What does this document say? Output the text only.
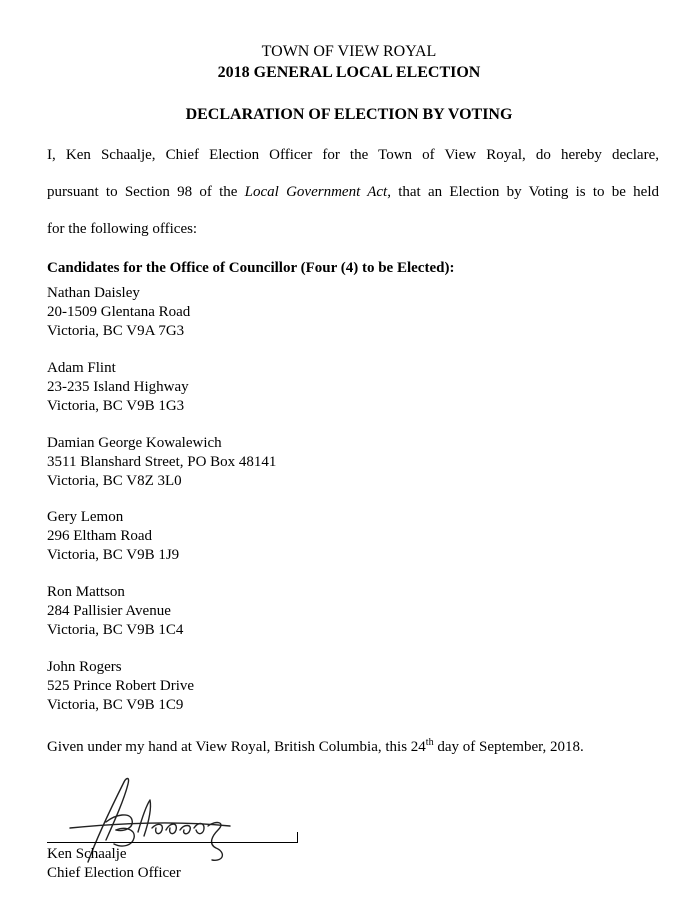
TOWN OF VIEW ROYAL
2018 GENERAL LOCAL ELECTION
DECLARATION OF ELECTION BY VOTING
I, Ken Schaalje, Chief Election Officer for the Town of View Royal, do hereby declare,
pursuant to Section 98 of the Local Government Act, that an Election by Voting is to be held
for the following offices:
Candidates for the Office of Councillor (Four (4) to be Elected):
Nathan Daisley
20-1509 Glentana Road
Victoria, BC V9A 7G3
Adam Flint
23-235 Island Highway
Victoria, BC V9B 1G3
Damian George Kowalewich
3511 Blanshard Street, PO Box 48141
Victoria, BC V8Z 3L0
Gery Lemon
296 Eltham Road
Victoria, BC V9B 1J9
Ron Mattson
284 Pallisier Avenue
Victoria, BC V9B 1C4
John Rogers
525 Prince Robert Drive
Victoria, BC V9B 1C9
Given under my hand at View Royal, British Columbia, this 24th day of September, 2018.
Ken Schaalje
Chief Election Officer
